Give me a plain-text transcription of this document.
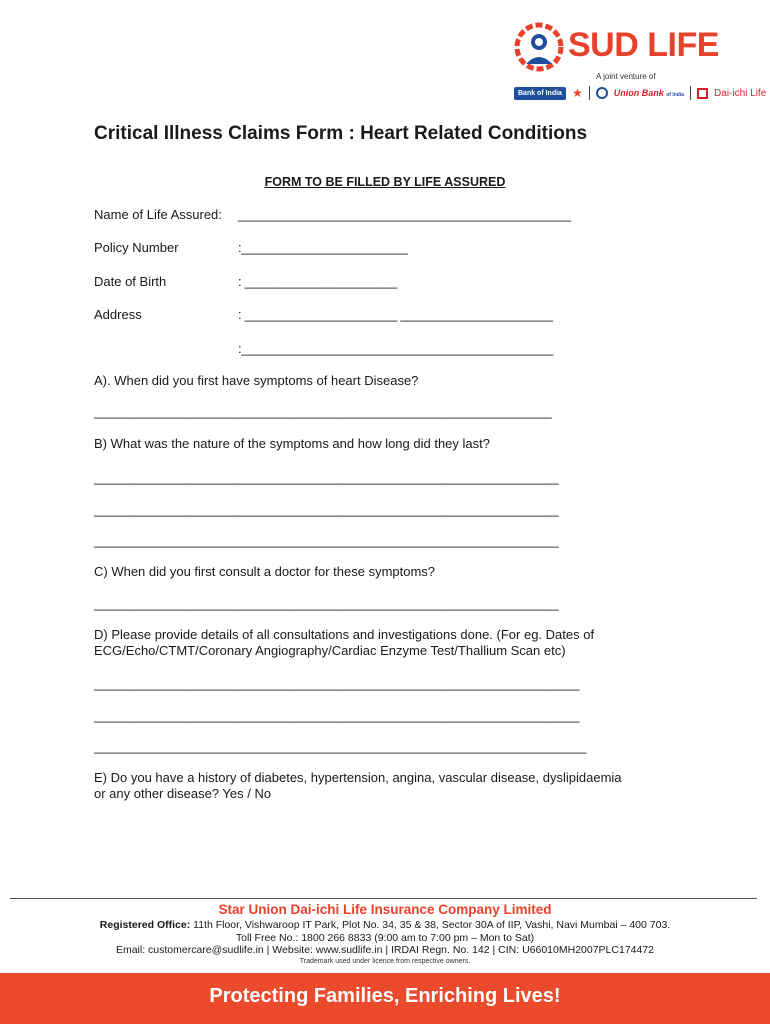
SUD LIFE
A joint venture of
Bank of India ★	Union Bank of India	Dai-ichi Life
Critical Illness Claims Form : Heart Related Conditions
FORM TO BE FILLED BY LIFE ASSURED
Name of Life Assured: ________________________________________________
Policy Number	:________________________
Date of Birth	: ______________________
Address	: ______________________ ______________________
:_____________________________________________
A). When did you first have symptoms of heart Disease?
__________________________________________________________________
B) What was the nature of the symptoms and how long did they last?
___________________________________________________________________
___________________________________________________________________
___________________________________________________________________
C) When did you first consult a doctor for these symptoms?
___________________________________________________________________
D) Please provide details of all consultations and investigations done. (For eg. Dates of
ECG/Echo/CTMT/Coronary Angiography/Cardiac Enzyme Test/Thallium Scan etc)
______________________________________________________________________
______________________________________________________________________
_______________________________________________________________________
E) Do you have a history of diabetes, hypertension, angina, vascular disease, dyslipidaemia
or any other disease? Yes / No
Star Union Dai-ichi Life Insurance Company Limited
Registered Office: 11th Floor, Vishwaroop IT Park, Plot No. 34, 35 & 38, Sector 30A of IIP, Vashi, Navi Mumbai – 400 703.
Toll Free No.: 1800 266 8833 (9:00 am to 7:00 pm – Mon to Sat)
Email: customercare@sudlife.in | Website: www.sudlife.in | IRDAI Regn. No. 142 | CIN: U66010MH2007PLC174472
Trademark used under licence from respective owners.
Protecting Families, Enriching Lives!
